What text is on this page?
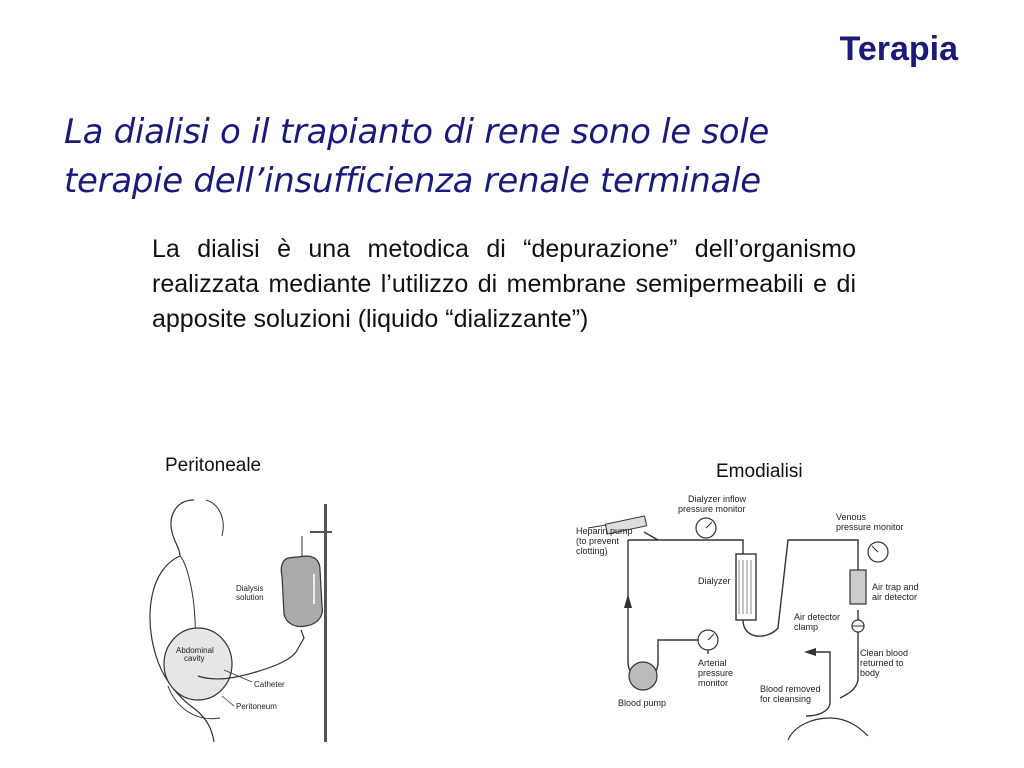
Terapia

La dialisi o il trapianto di rene sono le sole
terapie dell’insufficienza renale terminale

La dialisi è una metodica di “depurazione” dell’organismo realizzata mediante l’utilizzo di membrane semipermeabili e di apposite soluzioni (liquido “dializzante”)

Peritoneale	Emodialisi
Dialysis
solution
Abdominal
cavity
Catheter
Peritoneum
Dialyzer inflow
pressure monitor
Venous
pressure monitor
Heparin pump
(to prevent
clotting)
Dialyzer
Air trap and
air detector
Air detector
clamp
Arterial
pressure
monitor
Clean blood
returned to
body
Blood removed
for cleansing
Blood pump
